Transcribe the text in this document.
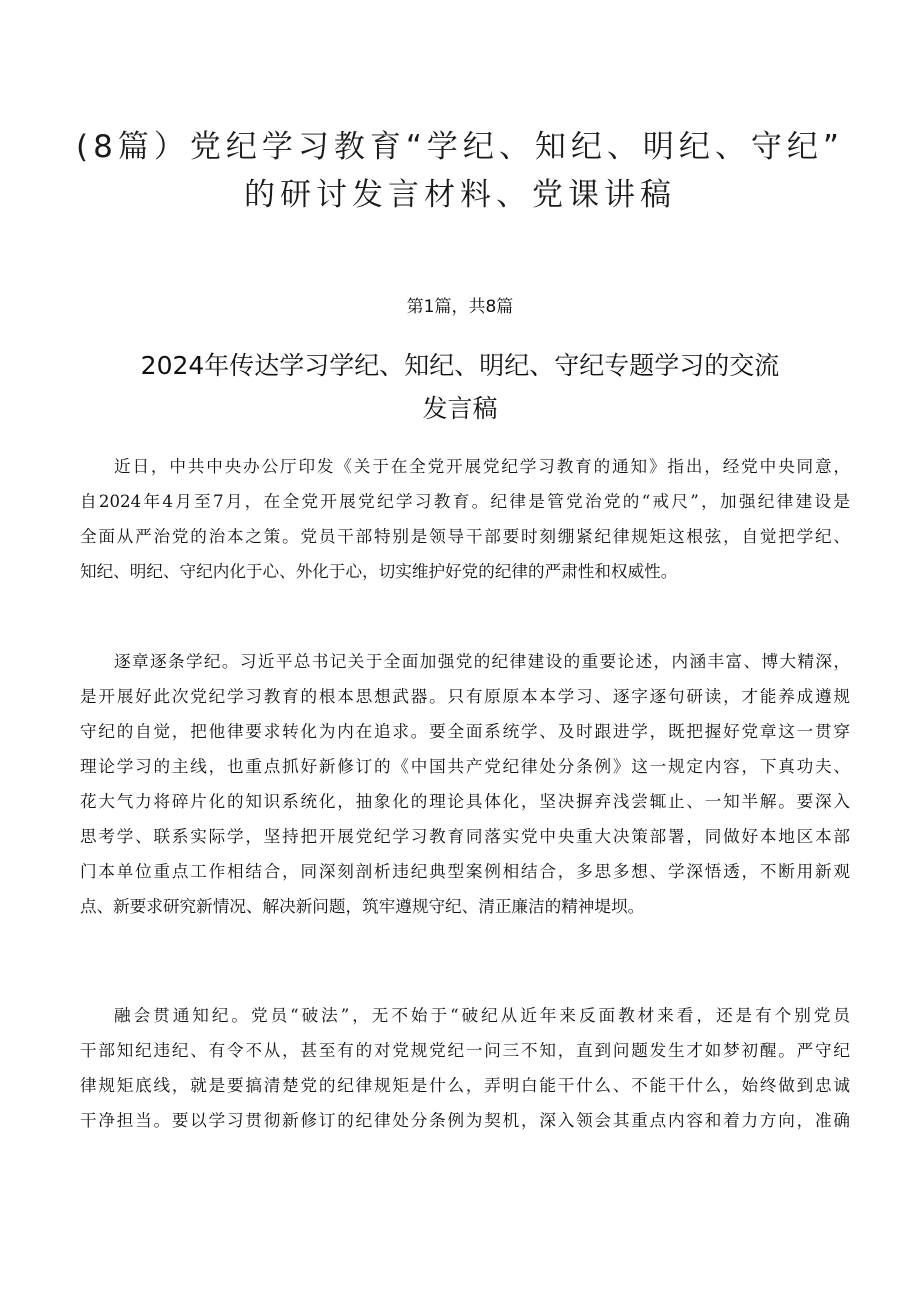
(8篇）党纪学习教育“学纪、知纪、明纪、守纪”
的研讨发言材料、党课讲稿
第1篇，共8篇
2024年传达学习学纪、知纪、明纪、守纪专题学习的交流
发言稿
近日，中共中央办公厅印发《关于在全党开展党纪学习教育的通知》指出，经党中央同意，
自2024年4月至7月，在全党开展党纪学习教育。纪律是管党治党的“戒尺”，加强纪律建设是
全面从严治党的治本之策。党员干部特别是领导干部要时刻绷紧纪律规矩这根弦，自觉把学纪、
知纪、明纪、守纪内化于心、外化于心，切实维护好党的纪律的严肃性和权威性。
逐章逐条学纪。习近平总书记关于全面加强党的纪律建设的重要论述，内涵丰富、博大精深，
是开展好此次党纪学习教育的根本思想武器。只有原原本本学习、逐字逐句研读，才能养成遵规
守纪的自觉，把他律要求转化为内在追求。要全面系统学、及时跟进学，既把握好党章这一贯穿
理论学习的主线，也重点抓好新修订的《中国共产党纪律处分条例》这一规定内容，下真功夫、
花大气力将碎片化的知识系统化，抽象化的理论具体化，坚决摒弃浅尝辄止、一知半解。要深入
思考学、联系实际学，坚持把开展党纪学习教育同落实党中央重大决策部署，同做好本地区本部
门本单位重点工作相结合，同深刻剖析违纪典型案例相结合，多思多想、学深悟透，不断用新观
点、新要求研究新情况、解决新问题，筑牢遵规守纪、清正廉洁的精神堤坝。
融会贯通知纪。党员“破法”，无不始于“破纪从近年来反面教材来看，还是有个别党员
干部知纪违纪、有令不从，甚至有的对党规党纪一问三不知，直到问题发生才如梦初醒。严守纪
律规矩底线，就是要搞清楚党的纪律规矩是什么，弄明白能干什么、不能干什么，始终做到忠诚
干净担当。要以学习贯彻新修订的纪律处分条例为契机，深入领会其重点内容和着力方向，准确
